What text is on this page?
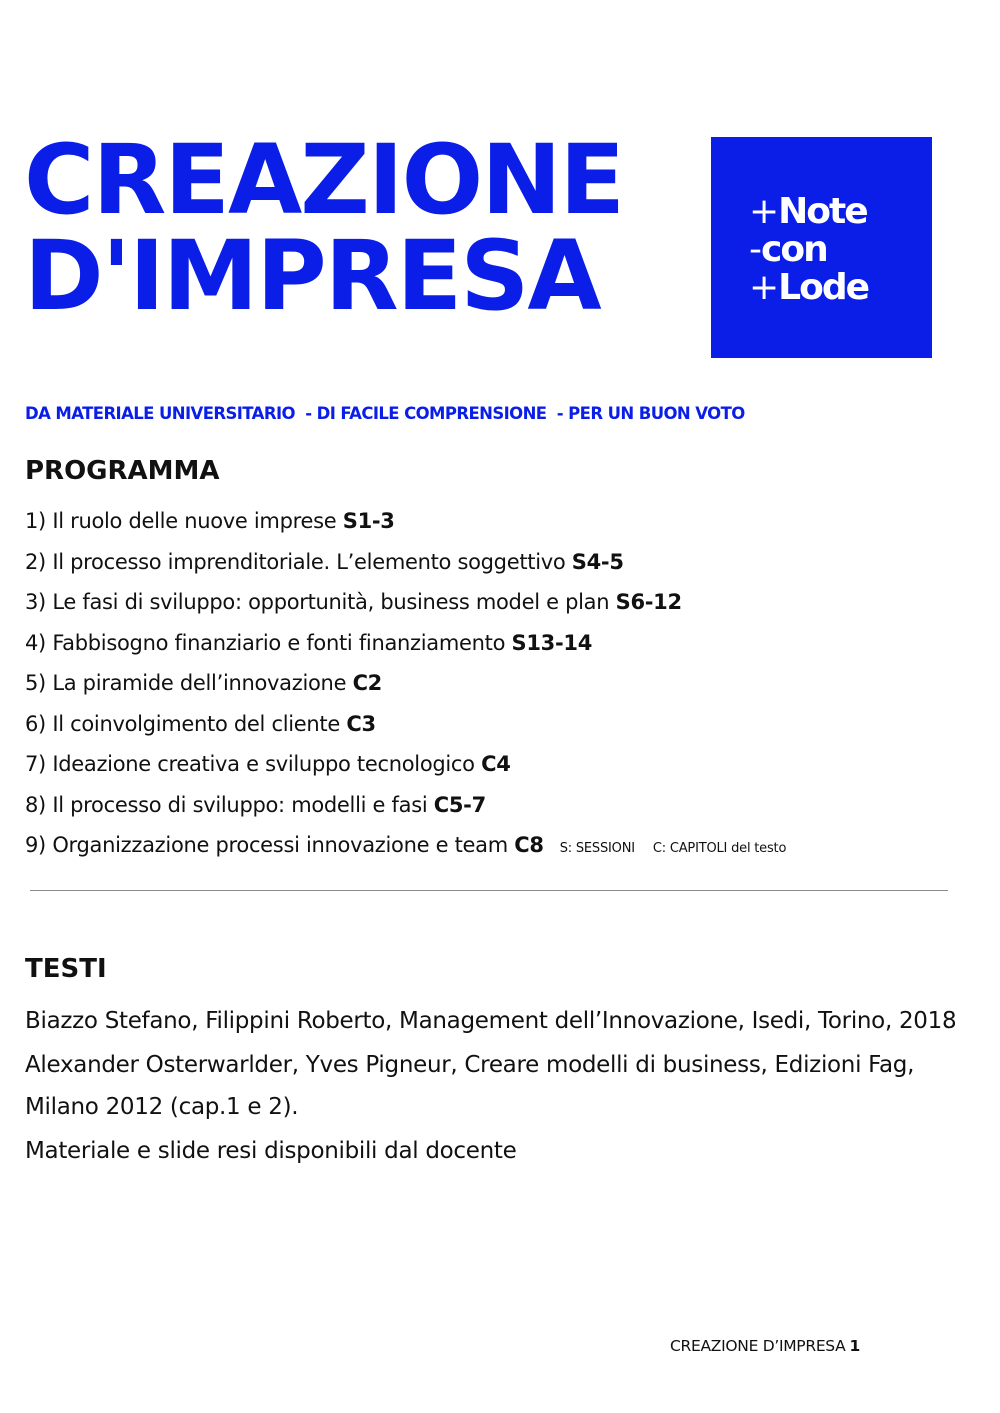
CREAZIONE
D'IMPRESA
+Note
-con
+Lode

DA MATERIALE UNIVERSITARIO  - DI FACILE COMPRENSIONE  - PER UN BUON VOTO

PROGRAMMA
1) Il ruolo delle nuove imprese S1-3
2) Il processo imprenditoriale. L’elemento soggettivo S4-5
3) Le fasi di sviluppo: opportunità, business model e plan S6-12
4) Fabbisogno finanziario e fonti finanziamento S13-14
5) La piramide dell’innovazione C2
6) Il coinvolgimento del cliente C3
7) Ideazione creativa e sviluppo tecnologico C4
8) Il processo di sviluppo: modelli e fasi C5-7
9) Organizzazione processi innovazione e team C8 S: SESSIONI C: CAPITOLI del testo
TESTI

Biazzo Stefano, Filippini Roberto, Management dell’Innovazione, Isedi, Torino, 2018

Alexander Osterwarlder, Yves Pigneur, Creare modelli di business, Edizioni Fag, Milano 2012 (cap.1 e 2).

Materiale e slide resi disponibili dal docente

CREAZIONE D’IMPRESA 1
